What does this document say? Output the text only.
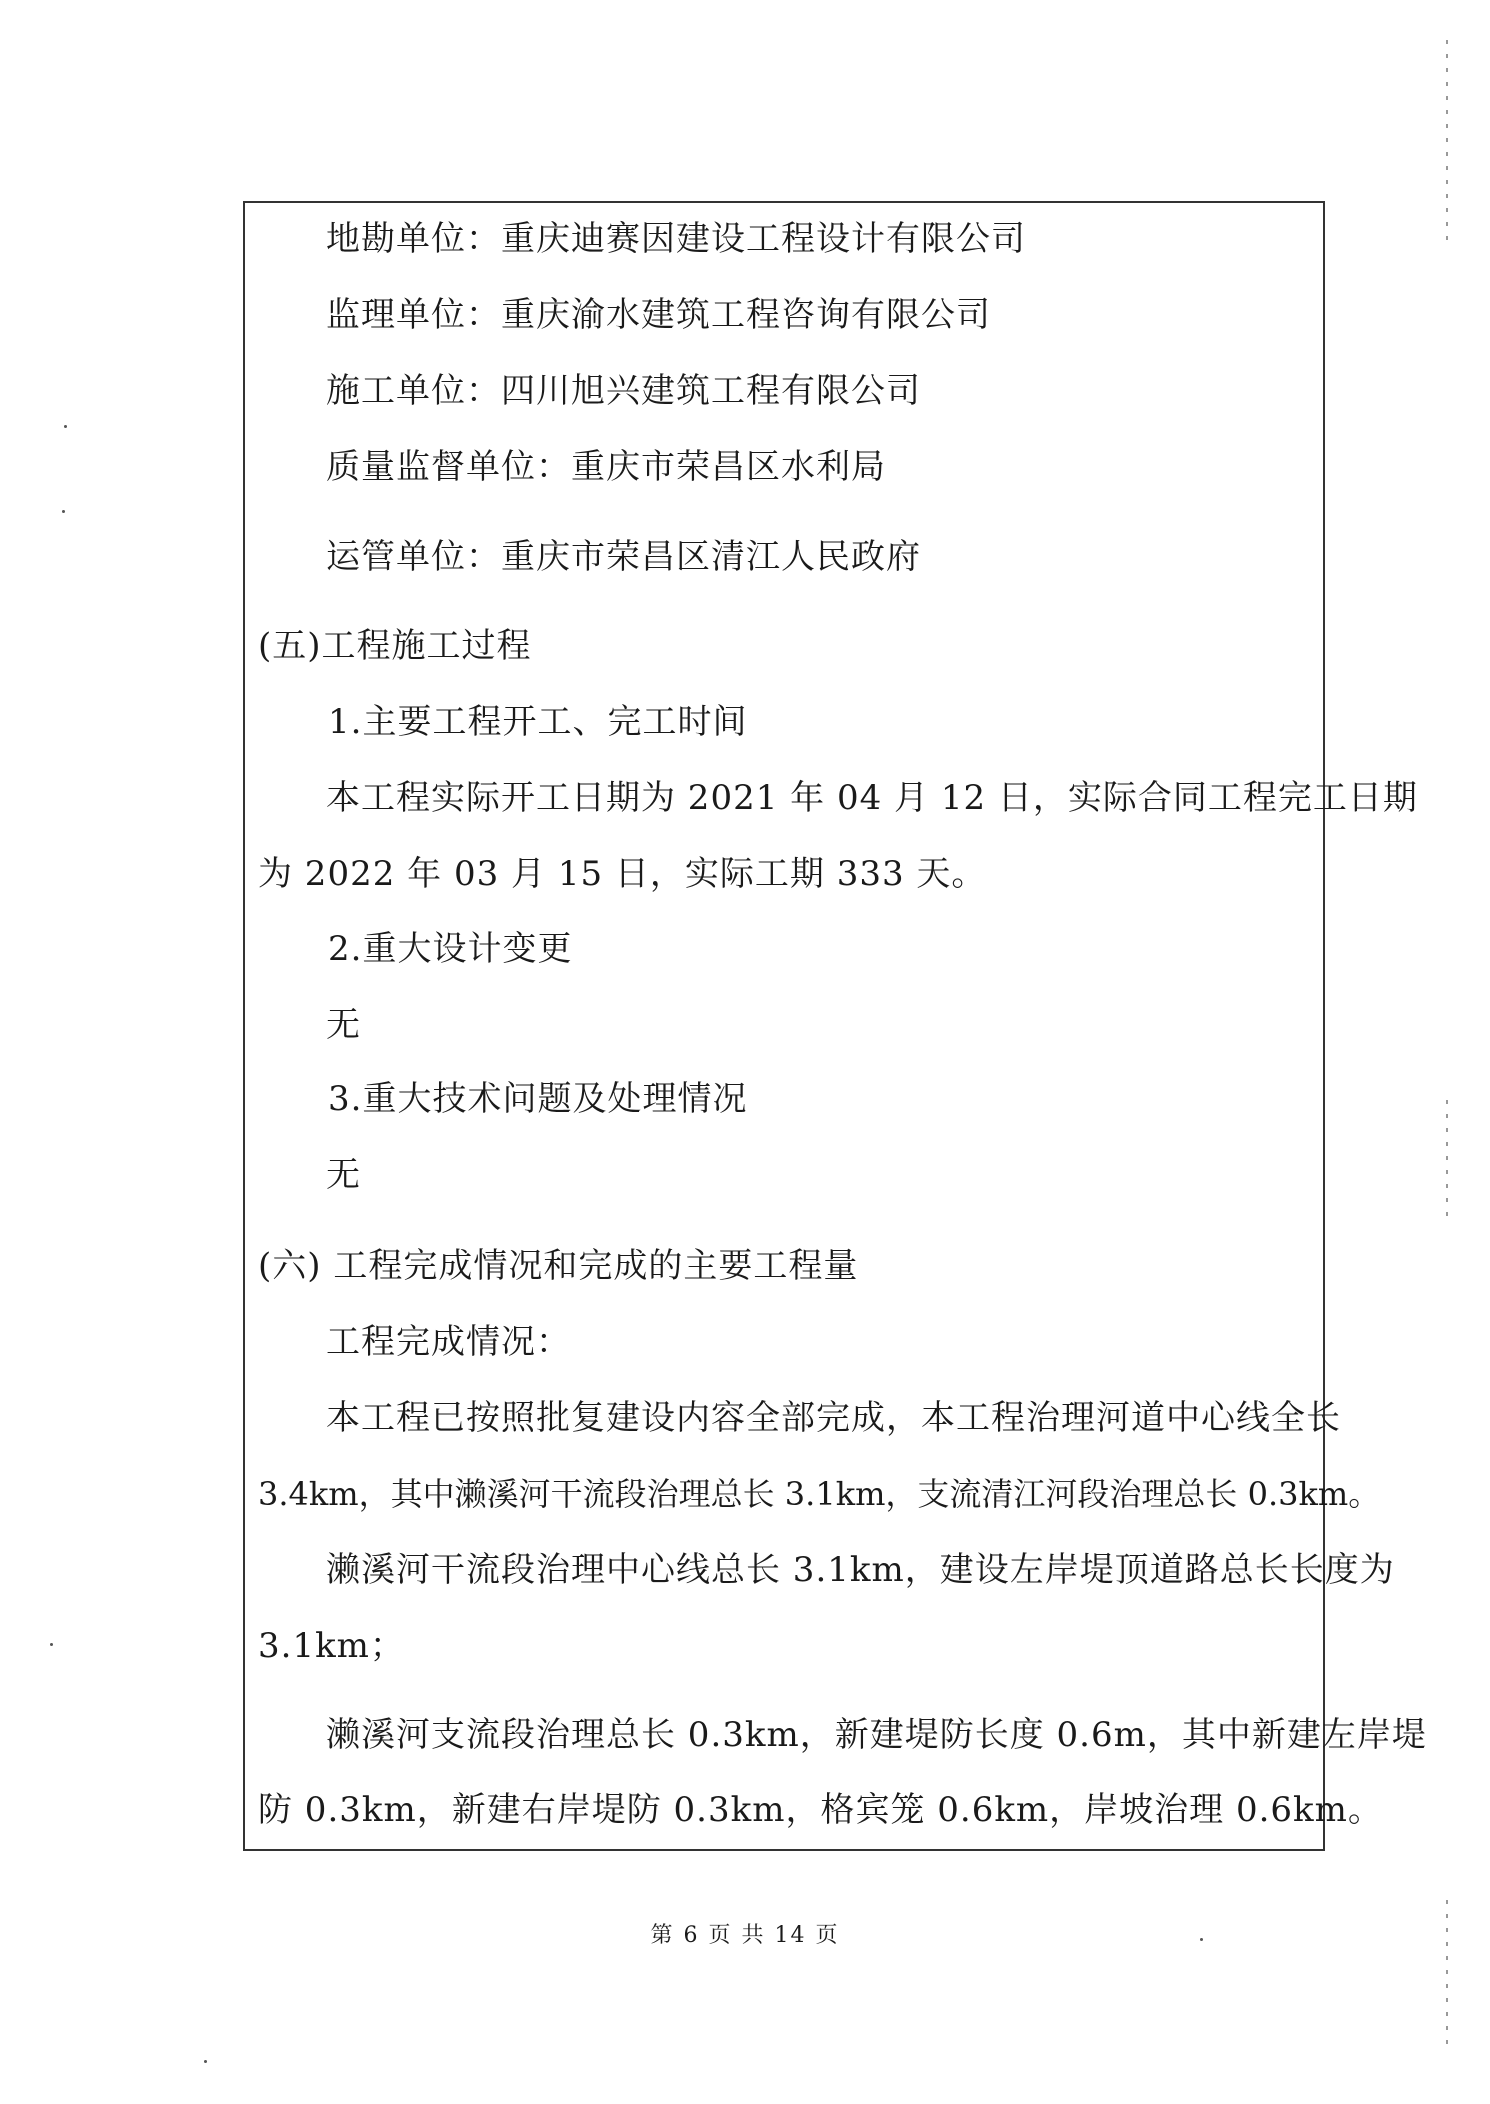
地勘单位：重庆迪赛因建设工程设计有限公司
监理单位：重庆渝水建筑工程咨询有限公司
施工单位：四川旭兴建筑工程有限公司
质量监督单位：重庆市荣昌区水利局
运管单位：重庆市荣昌区清江人民政府
(五)工程施工过程
1.主要工程开工、完工时间
本工程实际开工日期为 2021 年 04 月 12 日，实际合同工程完工日期
为 2022 年 03 月 15 日，实际工期 333 天。
2.重大设计变更
无
3.重大技术问题及处理情况
无
(六) 工程完成情况和完成的主要工程量
工程完成情况：
本工程已按照批复建设内容全部完成，本工程治理河道中心线全长
3.4km，其中濑溪河干流段治理总长 3.1km，支流清江河段治理总长 0.3km。
濑溪河干流段治理中心线总长 3.1km，建设左岸堤顶道路总长长度为
3.1km；
濑溪河支流段治理总长 0.3km，新建堤防长度 0.6m，其中新建左岸堤
防 0.3km，新建右岸堤防 0.3km，格宾笼 0.6km，岸坡治理 0.6km。
第 6 页 共 14 页
